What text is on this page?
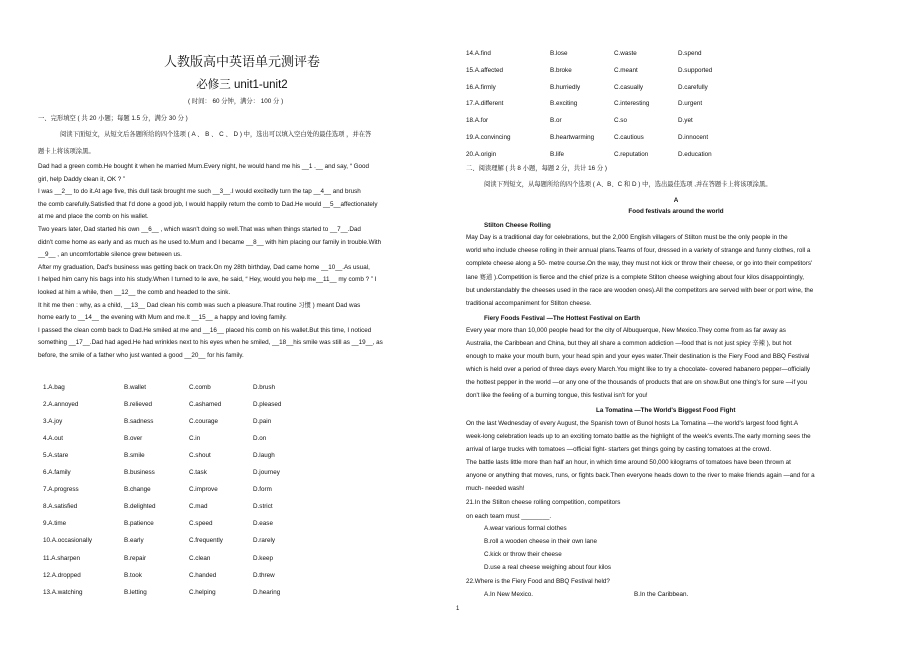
人教版高中英语单元测评卷
必修三 unit1-unit2
( 时间： 60 分钟，满分： 100 分 )
一、完形填空 ( 共 20 小题；每题 1.5 分，满分 30 分 )
阅读下面短文，从短文后各题所给的四个选项 ( A 、 B 、 C 、 D ) 中，选出可以填入空白处的最佳选项 ，并在答
题卡上将该项涂黑。
Dad had a green comb.He bought it when he married Mum.Every night, he would hand me his __1 .__ and say, “ Good
girl, help Daddy clean it, OK ? ”
I was __2__ to do it.At age five, this dull task brought me such __3__.I would excitedly turn the tap __4__ and brush
the comb carefully.Satisfied that I'd done a good job, I would happily return the comb to Dad.He would __5__affectionately
at me and place the comb on his wallet.
Two years later, Dad started his own __6__ , which wasn't doing so well.That was when things started to __7__.Dad
didn't come home as early and as much as he used to.Mum and I became __8__ with him placing our family in trouble.With
__9__ , an uncomfortable silence grew between us.
After my graduation, Dad's business was getting back on track.On my 28th birthday, Dad came home __10__.As usual,
I helped him carry his bags into his study.When I turned to le ave, he said, “ Hey, would you help me__11__ my comb ? ” I
looked at him a while, then __12__ the comb and headed to the sink.
It hit me then : why, as a child, __13__ Dad clean his comb was such a pleasure.That routine 习惯 ) meant Dad was
home early to __14__ the evening with Mum and me.It __15__ a happy and loving family.
I passed the clean comb back to Dad.He smiled at me and __16__ placed his comb on his wallet.But this time, I noticed
something __17__.Dad had aged.He had wrinkles next to his eyes when he smiled, __18__his smile was still as __19__, as
before, the smile of a father who just wanted a good __20__ for his family.
1.A.bag	B.wallet	C.comb	D.brush
2.A.annoyed	B.relieved	C.ashamed	D.pleased
3.A.joy	B.sadness	C.courage	D.pain
4.A.out	B.over	C.in	D.on
5.A.stare	B.smile	C.shout	D.laugh
6.A.family	B.business	C.task	D.journey
7.A.progress	B.change	C.improve	D.form
8.A.satisfied	B.delighted	C.mad	D.strict
9.A.time	B.patience	C.speed	D.ease
10.A.occasionally	B.early	C.frequently	D.rarely
11.A.sharpen	B.repair	C.clean	D.keep
12.A.dropped	B.took	C.handed	D.threw
13.A.watching	B.letting	C.helping	D.hearing
14.A.find	B.lose	C.waste	D.spend
15.A.affected	B.broke	C.meant	D.supported
16.A.firmly	B.hurriedly	C.casually	D.carefully
17.A.different	B.exciting	C.interesting	D.urgent
18.A.for	B.or	C.so	D.yet
19.A.convincing	B.heartwarming	C.cautious	D.innocent
20.A.origin	B.life	C.reputation	D.education
二、阅读理解 ( 共 8 小题，每题 2 分，共计 16 分 )
阅读下列短文，从每题所给的四个选项 ( A、B、C 和 D ) 中，选出最佳选项 ,并在答题卡上将该项涂黑。
A
Food festivals around the world
Stilton Cheese Rolling
May Day is a traditional day for celebrations, but the 2,000 English villagers of Stilton must be the only people in the
world who include cheese rolling in their annual plans.Teams of four, dressed in a variety of strange and funny clothes, roll a
complete cheese along a 50- metre course.On the way, they must not kick or throw their cheese, or go into their competitors'
lane 赛道 ).Competition is fierce and the chief prize is a complete Stilton cheese weighing about four kilos disappointingly,
but understandably the cheeses used in the race are wooden ones).All the competitors are served with beer or port wine, the
traditional accompaniment for Stilton cheese.
Fiery Foods Festival —The Hottest Festival on Earth
Every year more than 10,000 people head for the city of Albuquerque, New Mexico.They come from as far away as
Australia, the Caribbean and China, but they all share a common addiction —food that is not just spicy 辛辣 ), but hot
enough to make your mouth burn, your head spin and your eyes water.Their destination is the Fiery Food and BBQ Festival
which is held over a period of three days every March.You might like to try a chocolate- covered habanero pepper—officially
the hottest pepper in the world —or any one of the thousands of products that are on show.But one thing's for sure —if you
don't like the feeling of a burning tongue, this festival isn't for you!
La Tomatina —The World's Biggest Food Fight
On the last Wednesday of every August, the Spanish town of Bunol hosts La Tomatina —the world's largest food fight.A
week-long celebration leads up to an exciting tomato battle as the highlight of the week's events.The early morning sees the
arrival of large trucks with tomatoes —official fight- starters get things going by casting tomatoes at the crowd.
The battle lasts little more than half an hour, in which time around 50,000 kilograms of tomatoes have been thrown at
anyone or anything that moves, runs, or fights back.Then everyone heads down to the river to make friends again —and for a
much- needed wash!
21.In the Stilton cheese rolling competition, competitors
on each team must ________.
A.wear various formal clothes
B.roll a wooden cheese in their own lane
C.kick or throw their cheese
D.use a real cheese weighing about four kilos
22.Where is the Fiery Food and BBQ Festival held?
A.In New Mexico.	B.In the Caribbean.
1
